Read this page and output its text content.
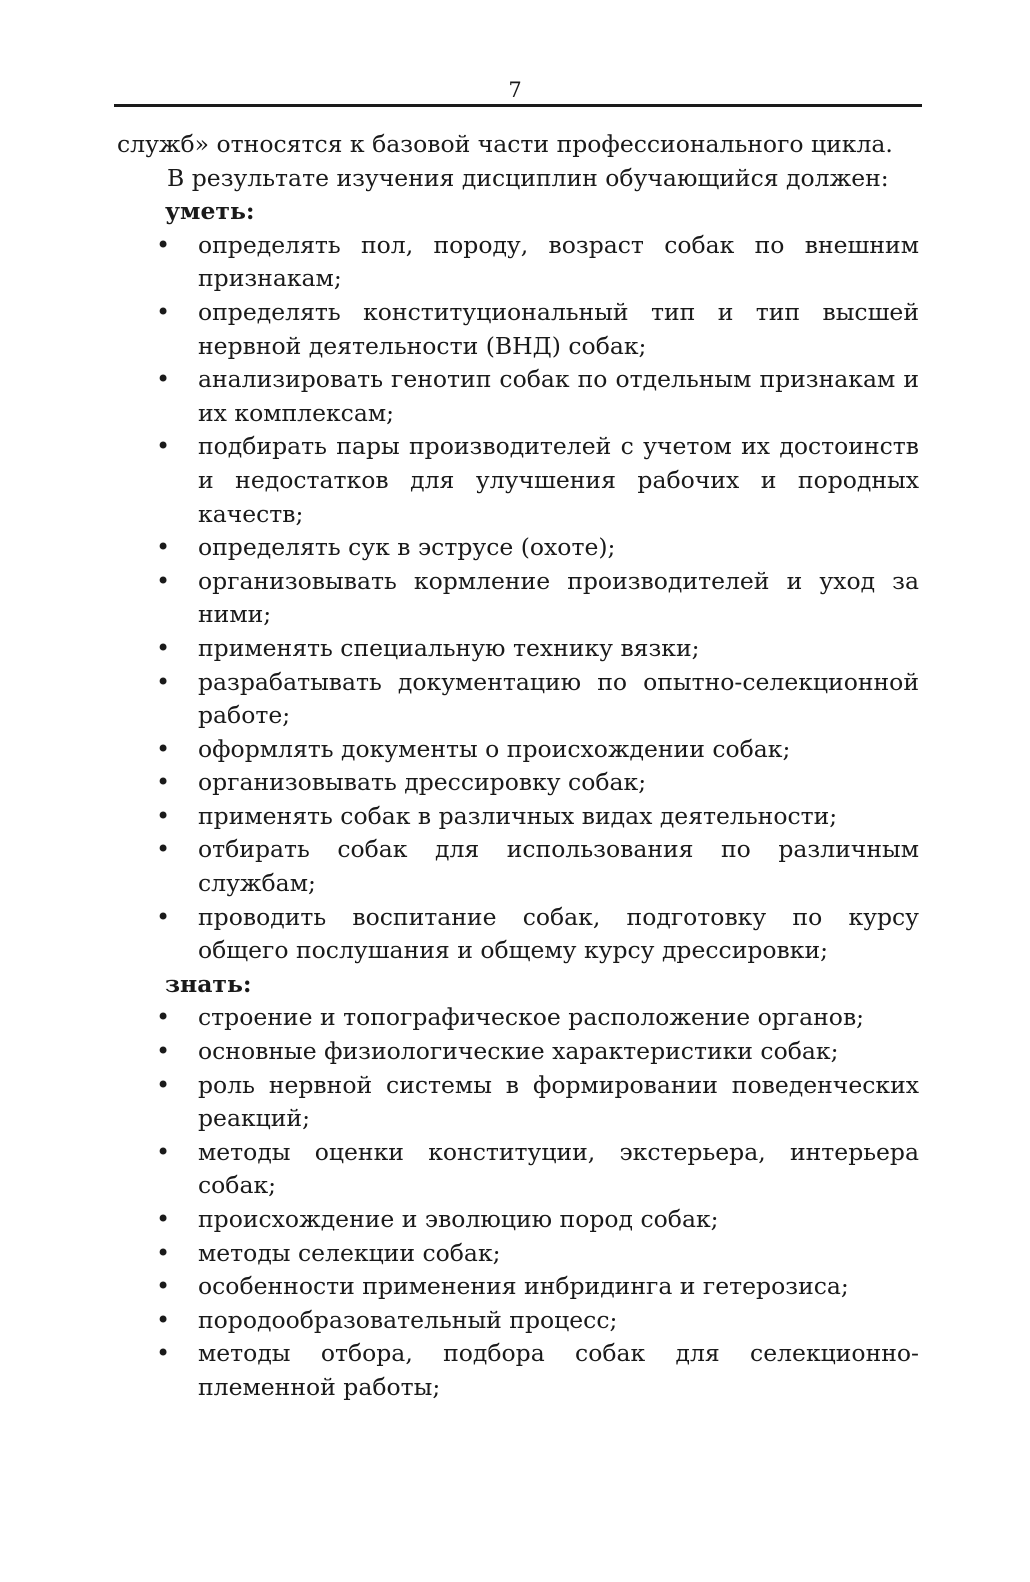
7

служб» относятся к базовой части профессионального цикла.

В результате изучения дисциплин обучающийся должен:

уметь:

• определять пол, породу, возраст собак по внешним признакам;
• определять конституциональный тип и тип высшей нервной деятельности (ВНД) собак;
• анализировать генотип собак по отдельным признакам и их комплексам;
• подбирать пары производителей с учетом их достоинств и недостатков для улучшения рабочих и породных качеств;
• определять сук в эструсе (охоте);
• организовывать кормление производителей и уход за ними;
• применять специальную технику вязки;
• разрабатывать документацию по опытно-селекционной работе;
• оформлять документы о происхождении собак;
• организовывать дрессировку собак;
• применять собак в различных видах деятельности;
• отбирать собак для использования по различным службам;
• проводить воспитание собак, подготовку по курсу общего послушания и общему курсу дрессировки;

знать:

• строение и топографическое расположение органов;
• основные физиологические характеристики собак;
• роль нервной системы в формировании поведенческих реакций;
• методы оценки конституции, экстерьера, интерьера собак;
• происхождение и эволюцию пород собак;
• методы селекции собак;
• особенности применения инбридинга и гетерозиса;
• породообразовательный процесс;
• методы отбора, подбора собак для селекционно-племенной работы;
